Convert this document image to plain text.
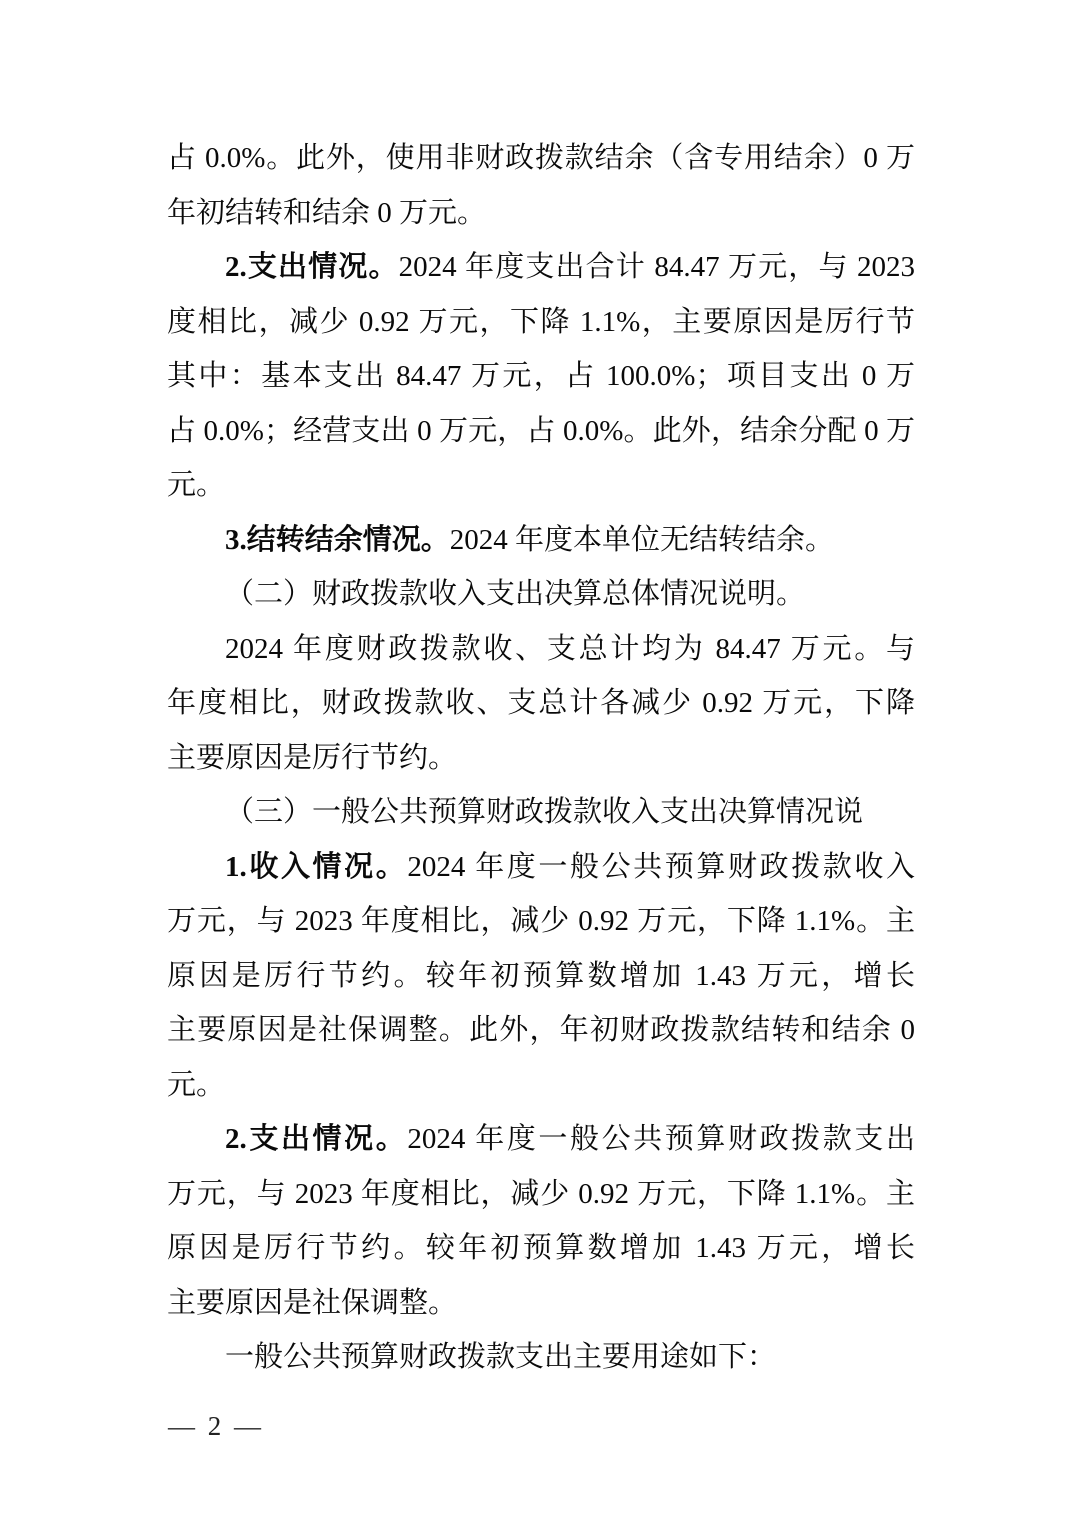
占 0.0%。此外，使用非财政拨款结余（含专用结余）0 万
年初结转和结余 0 万元。
2.支出情况。2024 年度支出合计 84.47 万元，与 2023
度相比，减少 0.92 万元，下降 1.1%，主要原因是厉行节
其中：基本支出 84.47 万元，占 100.0%；项目支出 0 万
占 0.0%；经营支出 0 万元，占 0.0%。此外，结余分配 0 万
元。
3.结转结余情况。2024 年度本单位无结转结余。
（二）财政拨款收入支出决算总体情况说明。
2024 年度财政拨款收、支总计均为 84.47 万元。与
年度相比，财政拨款收、支总计各减少 0.92 万元，下降
主要原因是厉行节约。
（三）一般公共预算财政拨款收入支出决算情况说
1.收入情况。2024 年度一般公共预算财政拨款收入
万元，与 2023 年度相比，减少 0.92 万元，下降 1.1%。主
原因是厉行节约。较年初预算数增加 1.43 万元，增长
主要原因是社保调整。此外，年初财政拨款结转和结余 0
元。
2.支出情况。2024 年度一般公共预算财政拨款支出
万元，与 2023 年度相比，减少 0.92 万元，下降 1.1%。主
原因是厉行节约。较年初预算数增加 1.43 万元，增长
主要原因是社保调整。
一般公共预算财政拨款支出主要用途如下：
— 2 —
